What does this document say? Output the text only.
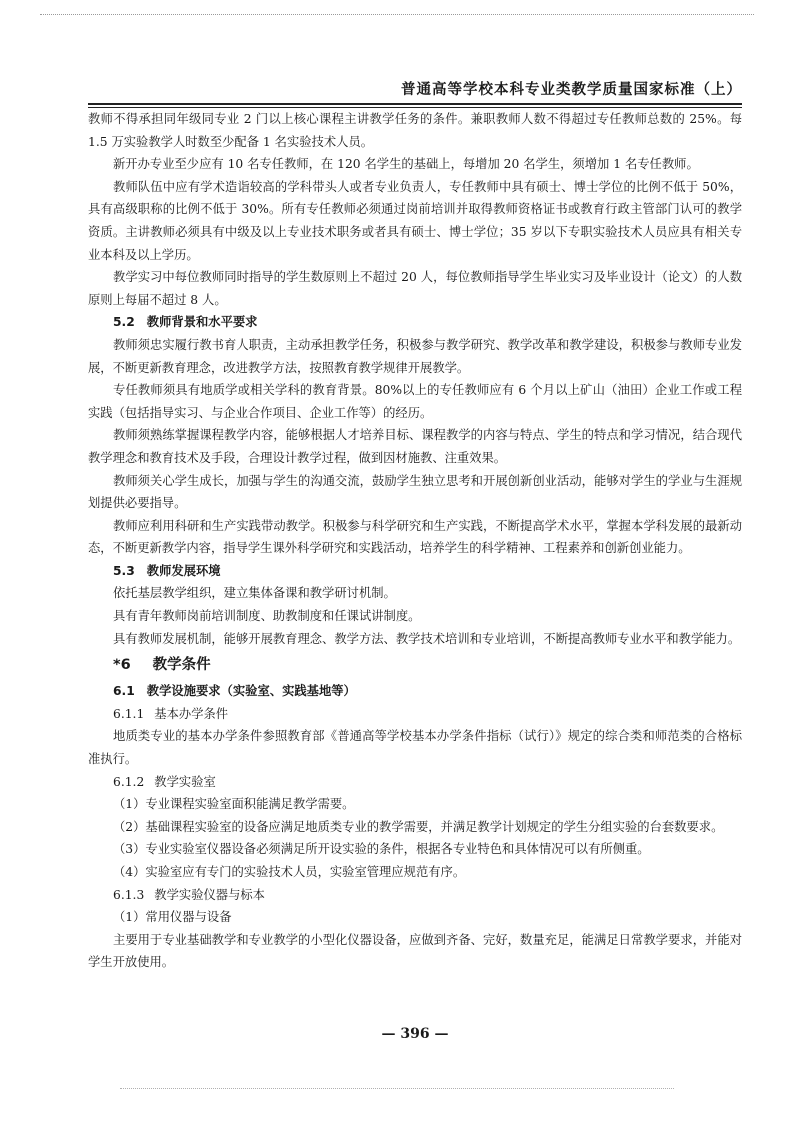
普通高等学校本科专业类教学质量国家标准（上）

教师不得承担同年级同专业 2 门以上核心课程主讲教学任务的条件。兼职教师人数不得超过专任教师总数的 25%。每 1.5 万实验教学人时数至少配备 1 名实验技术人员。

新开办专业至少应有 10 名专任教师，在 120 名学生的基础上，每增加 20 名学生，须增加 1 名专任教师。

教师队伍中应有学术造诣较高的学科带头人或者专业负责人，专任教师中具有硕士、博士学位的比例不低于 50%，具有高级职称的比例不低于 30%。所有专任教师必须通过岗前培训并取得教师资格证书或教育行政主管部门认可的教学资质。主讲教师必须具有中级及以上专业技术职务或者具有硕士、博士学位；35 岁以下专职实验技术人员应具有相关专业本科及以上学历。

教学实习中每位教师同时指导的学生数原则上不超过 20 人，每位教师指导学生毕业实习及毕业设计（论文）的人数原则上每届不超过 8 人。

5.2 教师背景和水平要求

教师须忠实履行教书育人职责，主动承担教学任务，积极参与教学研究、教学改革和教学建设，积极参与教师专业发展，不断更新教育理念，改进教学方法，按照教育教学规律开展教学。

专任教师须具有地质学或相关学科的教育背景。80%以上的专任教师应有 6 个月以上矿山（油田）企业工作或工程实践（包括指导实习、与企业合作项目、企业工作等）的经历。

教师须熟练掌握课程教学内容，能够根据人才培养目标、课程教学的内容与特点、学生的特点和学习情况，结合现代教学理念和教育技术及手段，合理设计教学过程，做到因材施教、注重效果。

教师须关心学生成长，加强与学生的沟通交流，鼓励学生独立思考和开展创新创业活动，能够对学生的学业与生涯规划提供必要指导。

教师应利用科研和生产实践带动教学。积极参与科学研究和生产实践，不断提高学术水平，掌握本学科发展的最新动态，不断更新教学内容，指导学生课外科学研究和实践活动，培养学生的科学精神、工程素养和创新创业能力。

5.3 教师发展环境

依托基层教学组织，建立集体备课和教学研讨机制。

具有青年教师岗前培训制度、助教制度和任课试讲制度。

具有教师发展机制，能够开展教育理念、教学方法、教学技术培训和专业培训，不断提高教师专业水平和教学能力。

*6 教学条件

6.1 教学设施要求（实验室、实践基地等）

6.1.1 基本办学条件

地质类专业的基本办学条件参照教育部《普通高等学校基本办学条件指标（试行）》规定的综合类和师范类的合格标准执行。

6.1.2 教学实验室

（1）专业课程实验室面积能满足教学需要。

（2）基础课程实验室的设备应满足地质类专业的教学需要，并满足教学计划规定的学生分组实验的台套数要求。

（3）专业实验室仪器设备必须满足所开设实验的条件，根据各专业特色和具体情况可以有所侧重。

（4）实验室应有专门的实验技术人员，实验室管理应规范有序。

6.1.3 教学实验仪器与标本

（1）常用仪器与设备

主要用于专业基础教学和专业教学的小型化仪器设备，应做到齐备、完好，数量充足，能满足日常教学要求，并能对学生开放使用。

— 396 —
